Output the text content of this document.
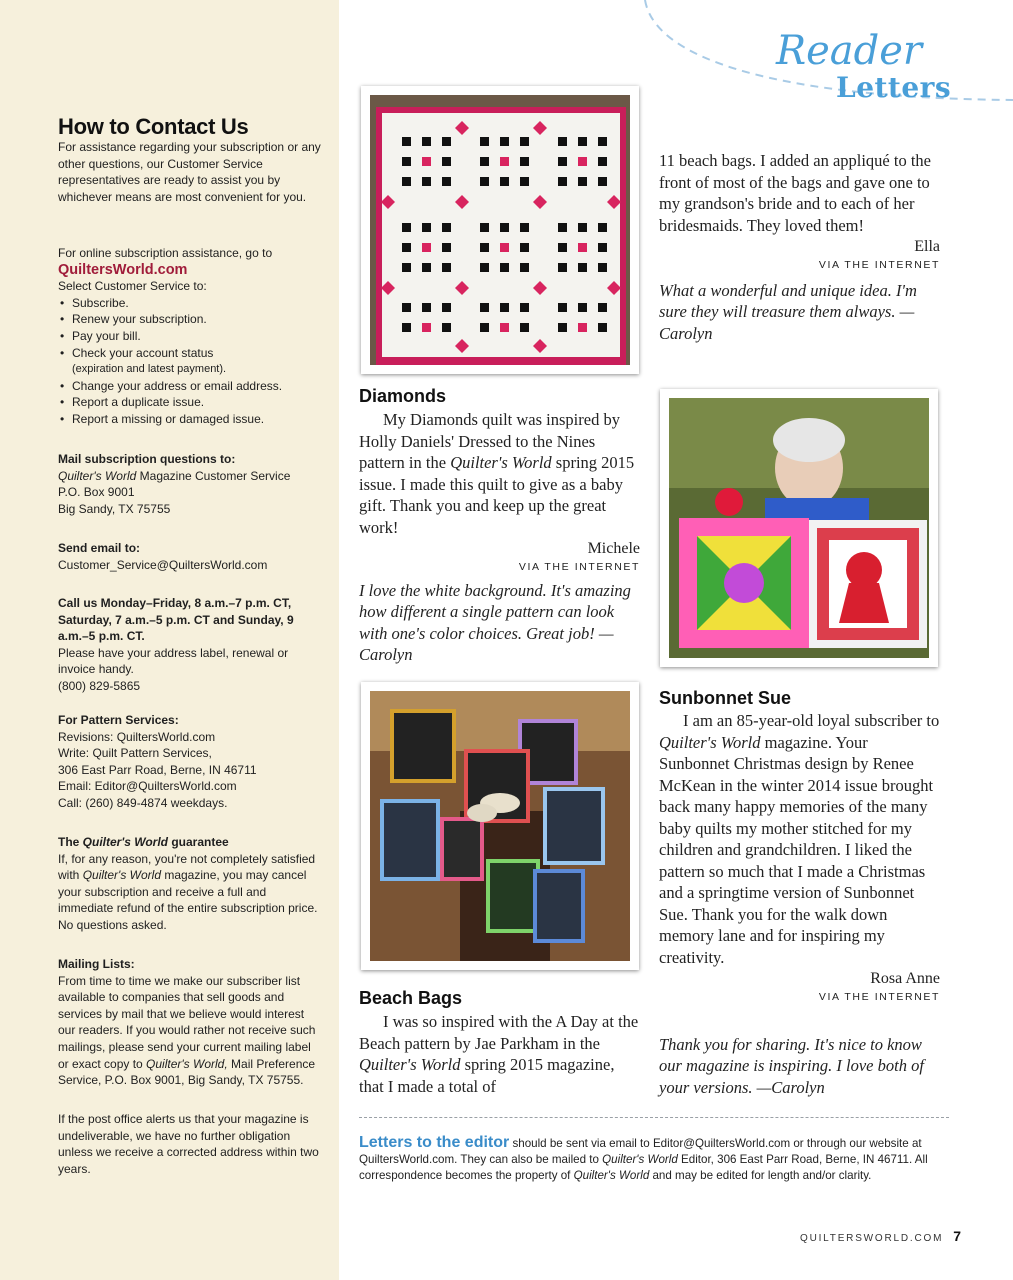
How to Contact Us
For assistance regarding your subscription or any other questions, our Customer Service representatives are ready to assist you by whichever means are most convenient for you.
For online subscription assistance, go to
QuiltersWorld.com
Select Customer Service to:
• Subscribe.
• Renew your subscription.
• Pay your bill.
• Check your account status
(expiration and latest payment).
• Change your address or email address.
• Report a duplicate issue.
• Report a missing or damaged issue.
Mail subscription questions to:
Quilter's World Magazine Customer Service
P.O. Box 9001
Big Sandy, TX 75755
Send email to:
Customer_Service@QuiltersWorld.com
Call us Monday–Friday, 8 a.m.–7 p.m. CT, Saturday, 7 a.m.–5 p.m. CT and Sunday, 9 a.m.–5 p.m. CT.
Please have your address label, renewal or invoice handy.
(800) 829-5865
For Pattern Services:
Revisions: QuiltersWorld.com
Write: Quilt Pattern Services,
306 East Parr Road, Berne, IN 46711
Email: Editor@QuiltersWorld.com
Call: (260) 849-4874 weekdays.
The Quilter's World guarantee
If, for any reason, you're not completely satisfied with Quilter's World magazine, you may cancel your subscription and receive a full and immediate refund of the entire subscription price. No questions asked.
Mailing Lists:
From time to time we make our subscriber list available to companies that sell goods and services by mail that we believe would interest our readers. If you would rather not receive such mailings, please send your current mailing label or exact copy to Quilter's World, Mail Preference Service, P.O. Box 9001, Big Sandy, TX 75755.
If the post office alerts us that your magazine is undeliverable, we have no further obligation unless we receive a corrected address within two years.
Reader
Letters
Diamonds

My Diamonds quilt was inspired by Holly Daniels' Dressed to the Nines pattern in the Quilter's World spring 2015 issue. I made this quilt to give as a baby gift. Thank you and keep up the great work!

Michele

VIA THE INTERNET

I love the white background. It's amazing how different a single pattern can look with one's color choices. Great job! —Carolyn

Beach Bags

I was so inspired with the A Day at the Beach pattern by Jae Parkham in the Quilter's World spring 2015 magazine, that I made a total of

11 beach bags. I added an appliqué to the front of most of the bags and gave one to my grandson's bride and to each of her bridesmaids. They loved them!

Ella

VIA THE INTERNET

What a wonderful and unique idea. I'm sure they will treasure them always. —Carolyn

Sunbonnet Sue

I am an 85-year-old loyal subscriber to Quilter's World magazine. Your Sunbonnet Christmas design by Renee McKean in the winter 2014 issue brought back many happy memories of the many baby quilts my mother stitched for my children and grandchildren. I liked the pattern so much that I made a Christmas and a springtime version of Sunbonnet Sue. Thank you for the walk down memory lane and for inspiring my creativity.

Rosa Anne

VIA THE INTERNET

Thank you for sharing. It's nice to know our magazine is inspiring. I love both of your versions. —Carolyn

Letters to the editor should be sent via email to Editor@QuiltersWorld.com or through our website at QuiltersWorld.com. They can also be mailed to Quilter's World Editor, 306 East Parr Road, Berne, IN 46711. All correspondence becomes the property of Quilter's World and may be edited for length and/or clarity.
QUILTERSWORLD.COM 7
